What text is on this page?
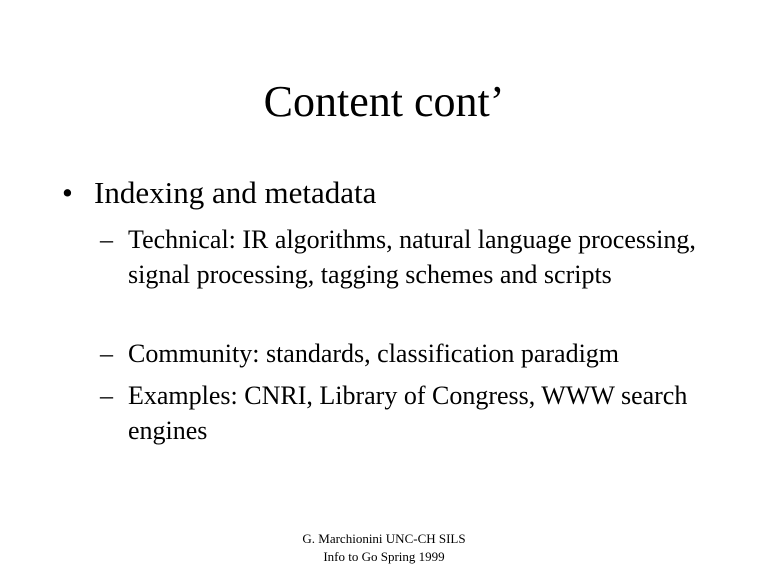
Content cont’
• Indexing and metadata
– Technical: IR algorithms, natural language processing, signal processing, tagging schemes and scripts
– Community: standards, classification paradigm
– Examples: CNRI, Library of Congress, WWW search engines
G. Marchionini UNC-CH SILS
Info to Go Spring 1999
